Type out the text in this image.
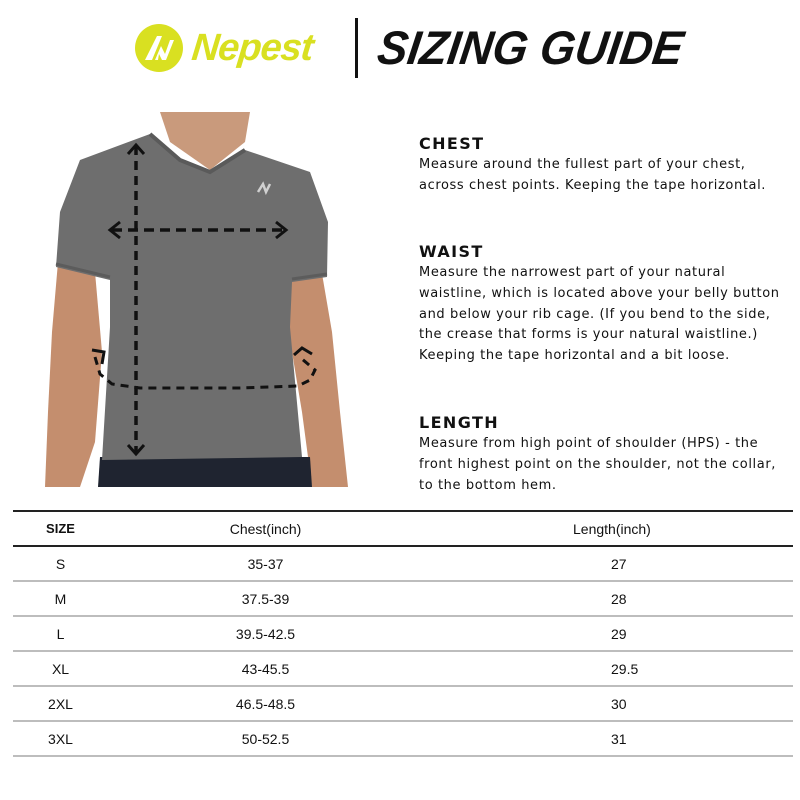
Nepest SIZING GUIDE
CHEST

Measure around the fullest part of your chest, across chest points. Keeping the tape horizontal.

WAIST

Measure the narrowest part of your natural waistline, which is located above your belly button and below your rib cage. (If you bend to the side, the crease that forms is your natural waistline.) Keeping the tape horizontal and a bit loose.

LENGTH

Measure from high point of shoulder (HPS) - the front highest point on the shoulder, not the collar, to the bottom hem.

SIZE	Chest(inch)	Length(inch)
S	35-37	27
M	37.5-39	28
L	39.5-42.5	29
XL	43-45.5	29.5
2XL	46.5-48.5	30
3XL	50-52.5	31
